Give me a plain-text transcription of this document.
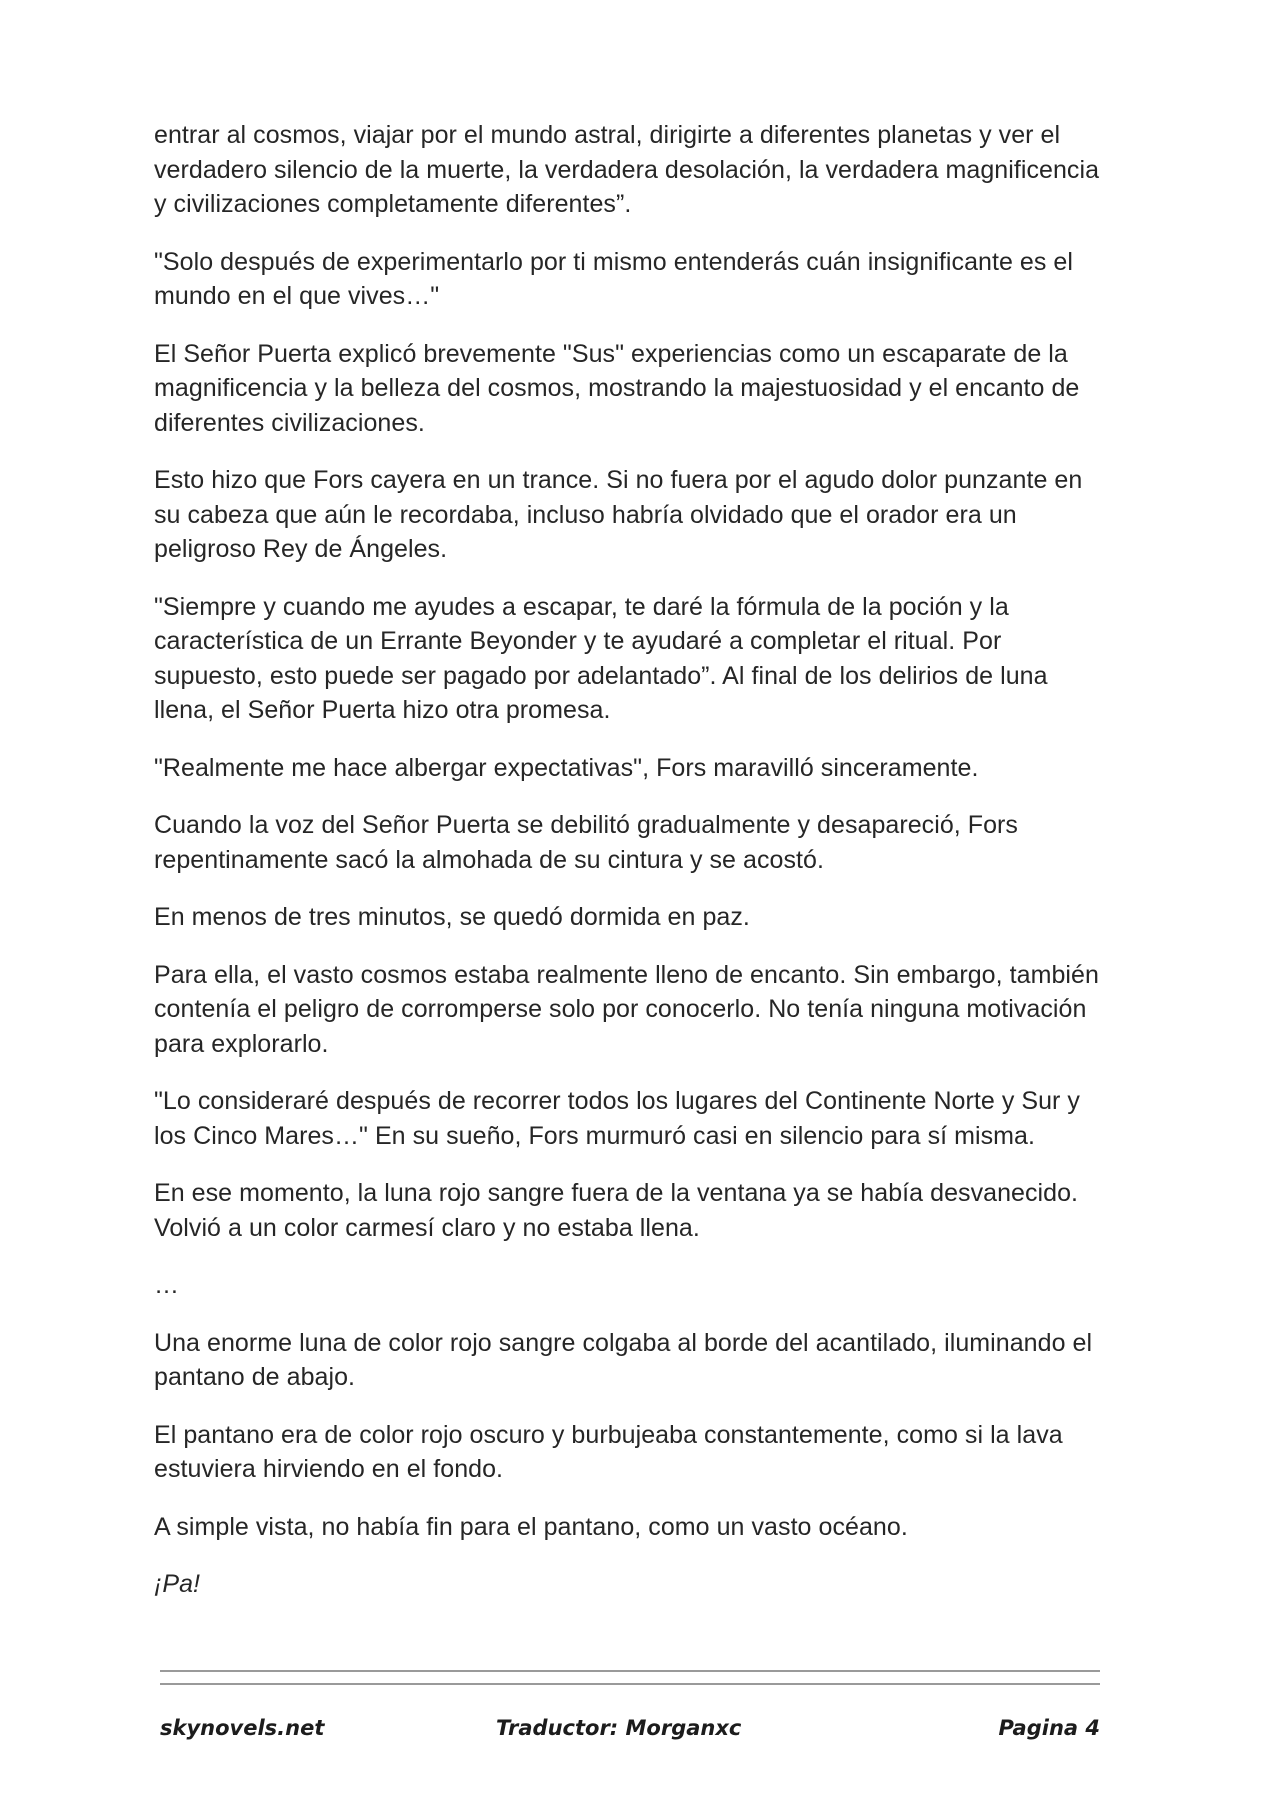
entrar al cosmos, viajar por el mundo astral, dirigirte a diferentes planetas y ver el verdadero silencio de la muerte, la verdadera desolación, la verdadera magnificencia y civilizaciones completamente diferentes”.

"Solo después de experimentarlo por ti mismo entenderás cuán insignificante es el mundo en el que vives…"

El Señor Puerta explicó brevemente "Sus" experiencias como un escaparate de la magnificencia y la belleza del cosmos, mostrando la majestuosidad y el encanto de diferentes civilizaciones.

Esto hizo que Fors cayera en un trance. Si no fuera por el agudo dolor punzante en su cabeza que aún le recordaba, incluso habría olvidado que el orador era un peligroso Rey de Ángeles.

"Siempre y cuando me ayudes a escapar, te daré la fórmula de la poción y la característica de un Errante Beyonder y te ayudaré a completar el ritual. Por supuesto, esto puede ser pagado por adelantado”. Al final de los delirios de luna llena, el Señor Puerta hizo otra promesa.

"Realmente me hace albergar expectativas", Fors maravilló sinceramente.

Cuando la voz del Señor Puerta se debilitó gradualmente y desapareció, Fors repentinamente sacó la almohada de su cintura y se acostó.

En menos de tres minutos, se quedó dormida en paz.

Para ella, el vasto cosmos estaba realmente lleno de encanto. Sin embargo, también contenía el peligro de corromperse solo por conocerlo. No tenía ninguna motivación para explorarlo.

"Lo consideraré después de recorrer todos los lugares del Continente Norte y Sur y los Cinco Mares…" En su sueño, Fors murmuró casi en silencio para sí misma.

En ese momento, la luna rojo sangre fuera de la ventana ya se había desvanecido. Volvió a un color carmesí claro y no estaba llena.

…

Una enorme luna de color rojo sangre colgaba al borde del acantilado, iluminando el pantano de abajo.

El pantano era de color rojo oscuro y burbujeaba constantemente, como si la lava estuviera hirviendo en el fondo.

A simple vista, no había fin para el pantano, como un vasto océano.

¡Pa!

skynovels.net	Traductor: Morganxc	Pagina 4
